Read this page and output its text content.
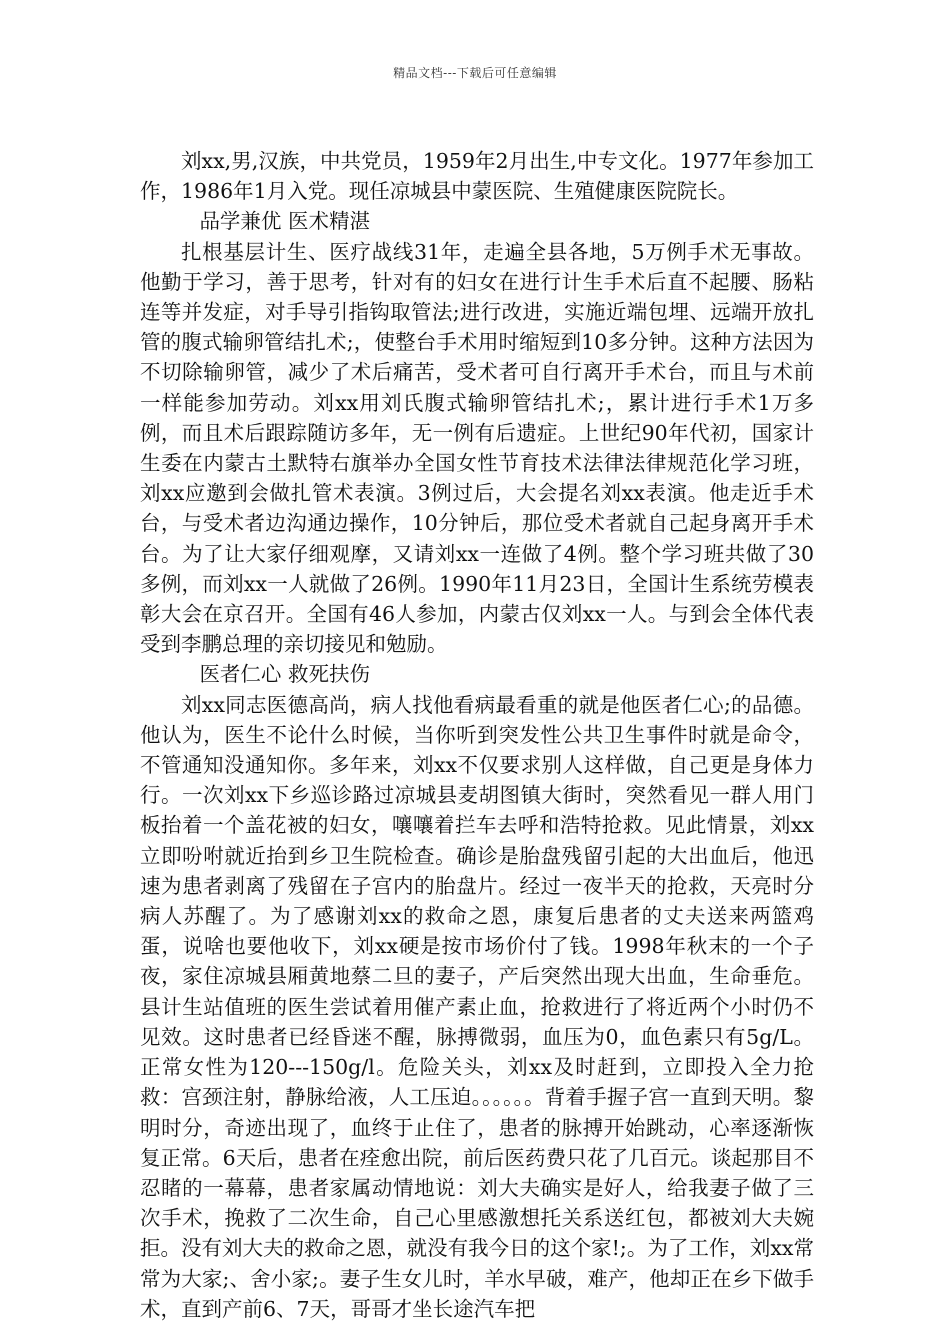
精品文档---下载后可任意编辑

刘xx,男,汉族，中共党员，1959年2月出生,中专文化。1977年参加工作，1986年1月入党。现任凉城县中蒙医院、生殖健康医院院长。

品学兼优 医术精湛

扎根基层计生、医疗战线31年，走遍全县各地，5万例手术无事故。他勤于学习，善于思考，针对有的妇女在进行计生手术后直不起腰、肠粘连等并发症，对手导引指钩取管法;进行改进，实施近端包埋、远端开放扎管的腹式输卵管结扎术;，使整台手术用时缩短到10多分钟。这种方法因为不切除输卵管，减少了术后痛苦，受术者可自行离开手术台，而且与术前一样能参加劳动。刘xx用刘氏腹式输卵管结扎术;，累计进行手术1万多例，而且术后跟踪随访多年，无一例有后遗症。上世纪90年代初，国家计生委在内蒙古土默特右旗举办全国女性节育技术法律法律规范化学习班，刘xx应邀到会做扎管术表演。3例过后，大会提名刘xx表演。他走近手术台，与受术者边沟通边操作，10分钟后，那位受术者就自己起身离开手术台。为了让大家仔细观摩，又请刘xx一连做了4例。整个学习班共做了30多例，而刘xx一人就做了26例。1990年11月23日，全国计生系统劳模表彰大会在京召开。全国有46人参加，内蒙古仅刘xx一人。与到会全体代表受到李鹏总理的亲切接见和勉励。

医者仁心 救死扶伤

刘xx同志医德高尚，病人找他看病最看重的就是他医者仁心;的品德。他认为，医生不论什么时候，当你听到突发性公共卫生事件时就是命令，不管通知没通知你。多年来，刘xx不仅要求别人这样做，自己更是身体力行。一次刘xx下乡巡诊路过凉城县麦胡图镇大街时，突然看见一群人用门板抬着一个盖花被的妇女，嚷嚷着拦车去呼和浩特抢救。见此情景，刘xx立即吩咐就近抬到乡卫生院检查。确诊是胎盘残留引起的大出血后，他迅速为患者剥离了残留在子宫内的胎盘片。经过一夜半天的抢救，天亮时分病人苏醒了。为了感谢刘xx的救命之恩，康复后患者的丈夫送来两篮鸡蛋，说啥也要他收下，刘xx硬是按市场价付了钱。1998年秋末的一个子夜，家住凉城县厢黄地蔡二旦的妻子，产后突然出现大出血，生命垂危。县计生站值班的医生尝试着用催产素止血，抢救进行了将近两个小时仍不见效。这时患者已经昏迷不醒，脉搏微弱，血压为0，血色素只有5g/L。正常女性为120---150g/l。危险关头，刘xx及时赶到，立即投入全力抢救：宫颈注射，静脉给液，人工压迫。。。。。。背着手握子宫一直到天明。黎明时分，奇迹出现了，血终于止住了，患者的脉搏开始跳动，心率逐渐恢复正常。6天后，患者在痊愈出院，前后医药费只花了几百元。谈起那目不忍睹的一幕幕，患者家属动情地说：刘大夫确实是好人，给我妻子做了三次手术，挽救了二次生命，自己心里感激想托关系送红包，都被刘大夫婉拒。没有刘大夫的救命之恩，就没有我今日的这个家!;。为了工作，刘xx常常为大家;、舍小家;。妻子生女儿时，羊水早破，难产，他却正在乡下做手术，直到产前6、7天，哥哥才坐长途汽车把
